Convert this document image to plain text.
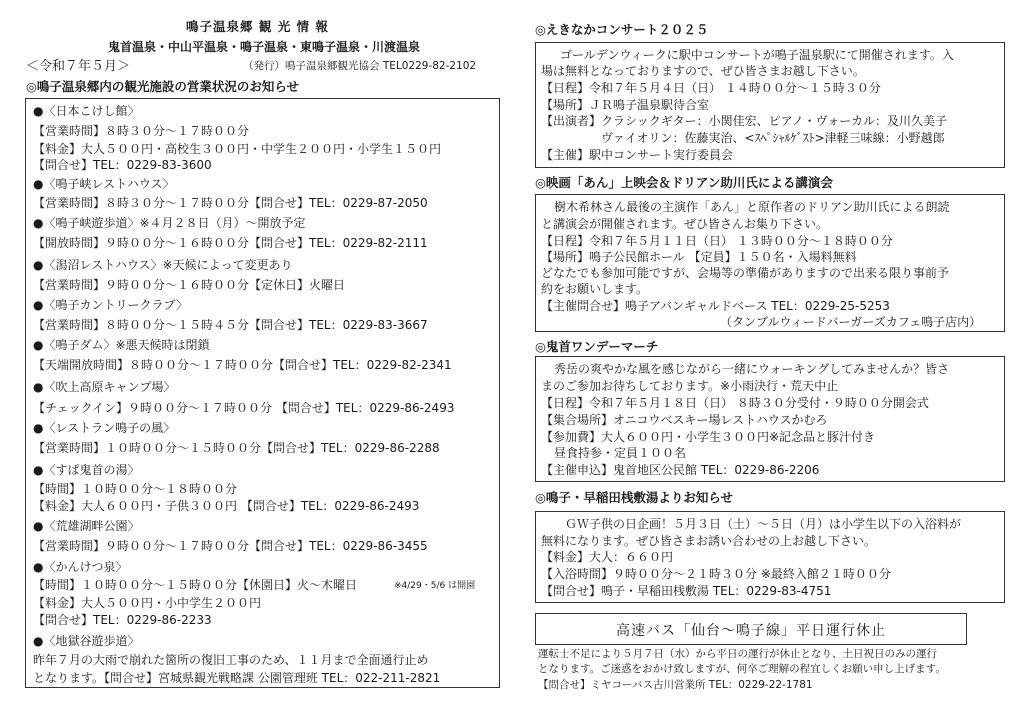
鳴子温泉郷 観 光 情 報
鬼首温泉・中山平温泉・鳴子温泉・東鳴子温泉・川渡温泉
＜令和７年５月＞	（発行）鳴子温泉郷観光協会 TEL0229-82-2102
◎鳴子温泉郷内の観光施設の営業状況のお知らせ
●〈日本こけし館〉
【営業時間】８時３０分～１７時００分
【料金】大人５００円・高校生３００円・中学生２００円・小学生１５０円
【問合せ】TEL：0229-83-3600
●〈鳴子峡レストハウス〉
【営業時間】８時３０分～１７時００分【問合せ】TEL：0229-87-2050
●〈鳴子峡遊歩道〉※４月２８日（月）～開放予定
【開放時間】９時００分～１６時００分【問合せ】TEL：0229-82-2111
●〈潟沼レストハウス〉※天候によって変更あり
【営業時間】９時００分～１６時００分【定休日】火曜日
●〈鳴子カントリークラブ〉
【営業時間】８時００分～１５時４５分【問合せ】TEL：0229-83-3667
●〈鳴子ダム〉※悪天候時は閉鎖
【天端開放時間】８時００分～１７時００分【問合せ】TEL：0229-82-2341
●〈吹上高原キャンプ場〉
【チェックイン】９時００分～１７時００分 【問合せ】TEL：0229-86-2493
●〈レストラン鳴子の風〉
【営業時間】１０時００分～１５時００分【問合せ】TEL：0229-86-2288
●〈すぱ鬼首の湯〉
【時間】１０時００分～１８時００分
【料金】大人６００円・子供３００円 【問合せ】TEL：0229-86-2493
●〈荒雄湖畔公園〉
【営業時間】９時００分～１７時００分【問合せ】TEL：0229-86-3455
●〈かんけつ泉〉
【時間】１０時００分～１５時００分【休園日】火～木曜日	※4/29・5/6 は開園
【料金】大人５００円・小中学生２００円
【問合せ】TEL：0229-86-2233
●〈地獄谷遊歩道〉
昨年７月の大雨で崩れた箇所の復旧工事のため、１１月まで全面通行止め
となります。【問合せ】宮城県観光戦略課 公園管理班 TEL：022-211-2821
◎えきなかコンサート２０２５
ゴールデンウィークに駅中コンサートが鳴子温泉駅にて開催されます。入
場は無料となっておりますので、ぜひ皆さまお越し下さい。
【日程】令和７年５月４日（日） １４時００分～１５時３０分
【場所】ＪＲ鳴子温泉駅待合室
【出演者】クラシックギター：小関佳宏、ピアノ・ヴォーカル：及川久美子
ヴァイオリン：佐藤実治、<ｽﾍﾟｼｬﾙｹﾞｽﾄ>津軽三味線：小野越郎
【主催】駅中コンサート実行委員会
◎映画「あん」上映会＆ドリアン助川氏による講演会
樹木希林さん最後の主演作「あん」と原作者のドリアン助川氏による朗読
と講演会が開催されます。ぜひ皆さんお集り下さい。
【日程】令和７年５月１１日（日） １３時００分～１８時００分
【場所】鳴子公民館ホール 【定員】１５０名・入場料無料
どなたでも参加可能ですが、会場等の準備がありますので出来る限り事前予
約をお願いします。
【主催問合せ】鳴子アバンギャルドベース TEL：0229-25-5253
（タンブルウィードバーガーズカフェ鳴子店内）
◎鬼首ワンデーマーチ
秀岳の爽やかな風を感じながら一緒にウォーキングしてみませんか？皆さ
まのご参加お待ちしております。※小雨決行・荒天中止
【日程】令和７年５月１８日（日） ８時３０分受付・９時００分開会式
【集合場所】オニコウベスキー場レストハウスかむろ
【参加費】大人６００円・小学生３００円※記念品と豚汁付き
昼食持参・定員１００名
【主催申込】鬼首地区公民館 TEL：0229-86-2206
◎鳴子・早稲田桟敷湯よりお知らせ
ＧＷ子供の日企画！５月３日（土）～５日（月）は小学生以下の入浴料が
無料になります。ぜひ皆さまお誘い合わせの上お越し下さい。
【料金】大人：６６０円
【入浴時間】９時００分～２１時３０分 ※最終入館２１時００分
【問合せ】鳴子・早稲田桟敷湯 TEL：0229-83-4751
高速バス「仙台～鳴子線」平日運行休止
運転士不足により５月７日（水）から平日の運行が休止となり、土日祝日のみの運行
となります。ご迷惑をおかけ致しますが、何卒ご理解の程宜しくお願い申し上げます。
【問合せ】ミヤコーバス古川営業所 TEL：0229-22-1781
